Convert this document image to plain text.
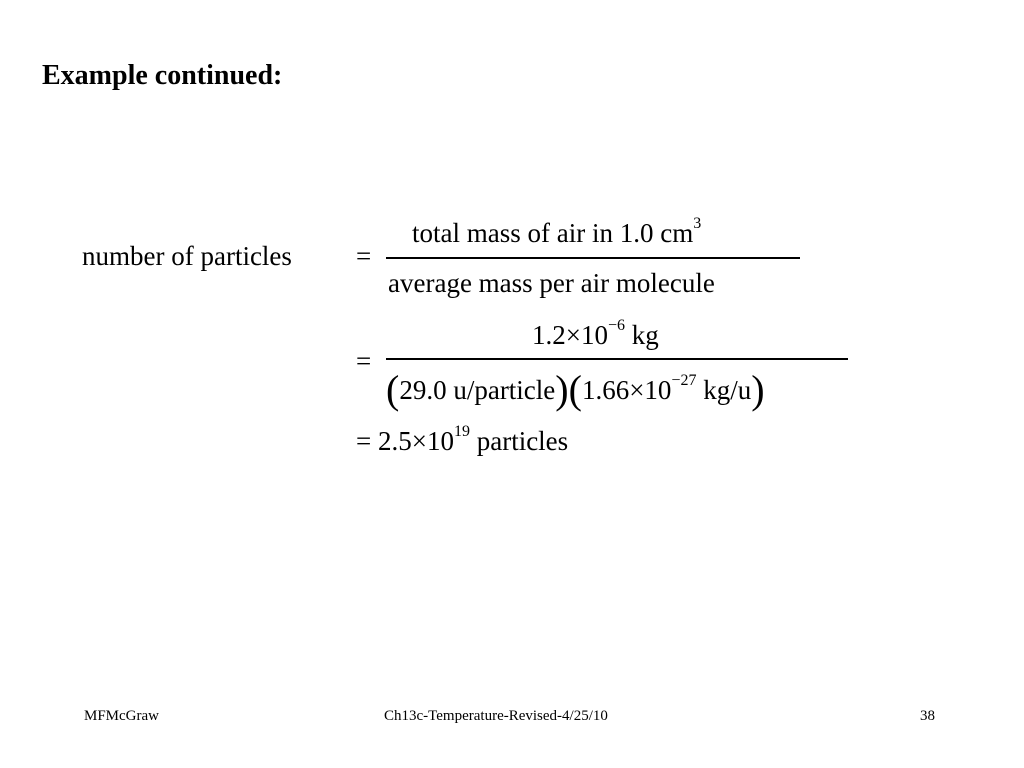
Example continued:
number of particles =
total mass of air in 1.0 $cm^3$
average mass per air molecule
=
$1.2\times 10^{-6}$ kg
(29.0 $u/particle)(1.66\times 10^{-27}$ kg/u)
= $2.5\times 10^{19}$ particles
MFMcGraw	Ch13c-Temperature-Revised-4/25/10	38
